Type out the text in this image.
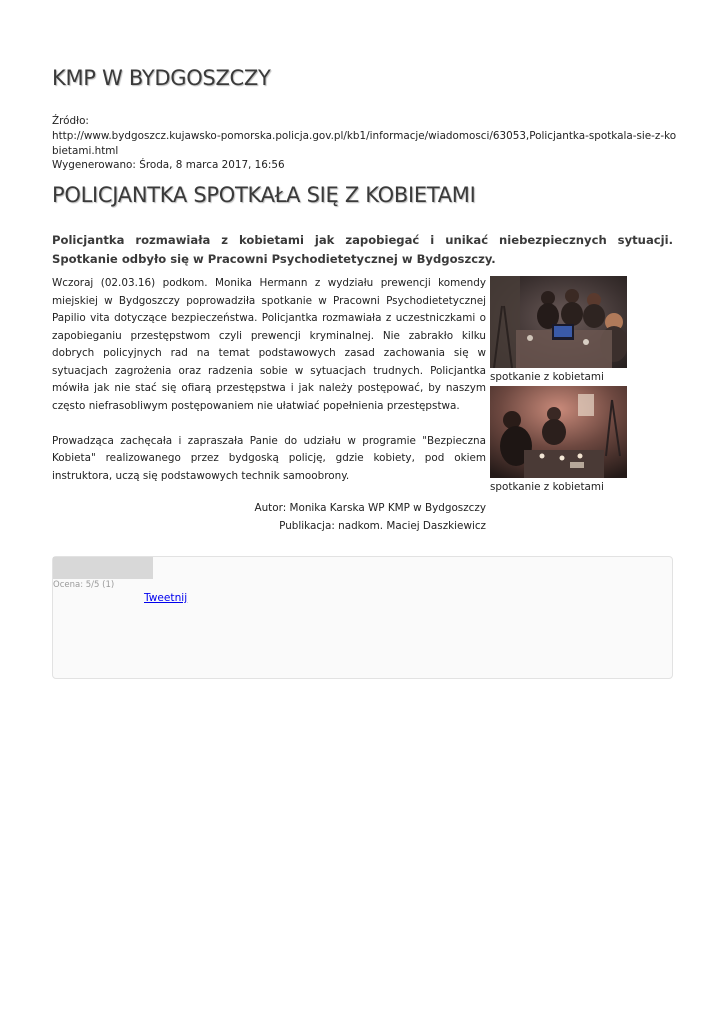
KMP W BYDGOSZCZY
Źródło:
http://www.bydgoszcz.kujawsko-pomorska.policja.gov.pl/kb1/informacje/wiadomosci/63053,Policjantka-spotkala-sie-z-kobietami.html
Wygenerowano: Środa, 8 marca 2017, 16:56
POLICJANTKA SPOTKAŁA SIĘ Z KOBIETAMI

Policjantka rozmawiała z kobietami jak zapobiegać i unikać niebezpiecznych sytuacji. Spotkanie odbyło się w Pracowni Psychodietetycznej w Bydgoszczy.

Wczoraj (02.03.16) podkom. Monika Hermann z wydziału prewencji komendy miejskiej w Bydgoszczy poprowadziła spotkanie w Pracowni Psychodietetycznej Papilio vita dotyczące bezpieczeństwa. Policjantka rozmawiała z uczestniczkami o zapobieganiu przestępstwom czyli prewencji kryminalnej. Nie zabrakło kilku dobrych policyjnych rad na temat podstawowych zasad zachowania się w sytuacjach zagrożenia oraz radzenia sobie w sytuacjach trudnych. Policjantka mówiła jak nie stać się ofiarą przestępstwa i jak należy postępować, by naszym często niefrasobliwym postępowaniem nie ułatwiać popełnienia przestępstwa.

Prowadząca zachęcała i zapraszała Panie do udziału w programie "Bezpieczna Kobieta" realizowanego przez bydgoską policję, gdzie kobiety, pod okiem instruktora, uczą się podstawowych technik samoobrony.

spotkanie z kobietami
spotkanie z kobietami
Autor: Monika Karska WP KMP w Bydgoszczy
Publikacja: nadkom. Maciej Daszkiewicz
Ocena: 5/5 (1)
Tweetnij
